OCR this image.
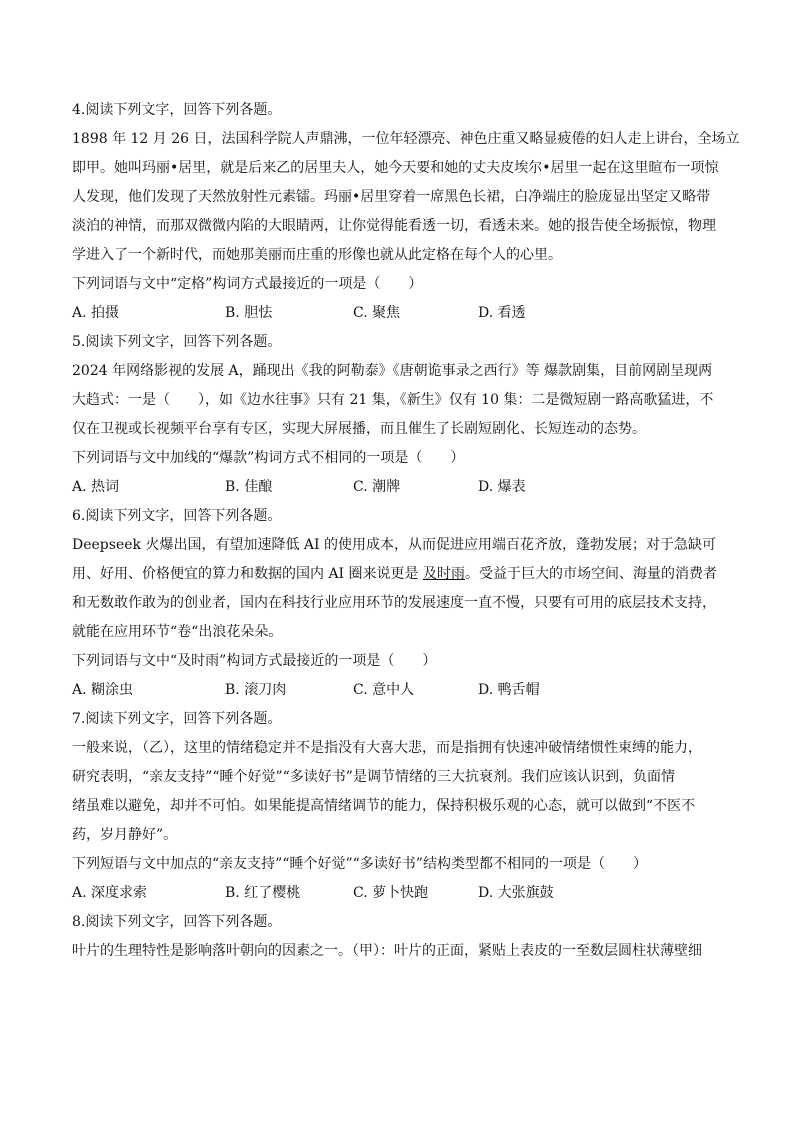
4.阅读下列文字，回答下列各题。
1898 年 12 月 26 日，法国科学院人声鼎沸，一位年轻漂亮、神色庄重又略显疲倦的妇人走上讲台，全场立
即甲。她叫玛丽•居里，就是后来乙的居里夫人，她今天要和她的丈夫皮埃尔•居里一起在这里暄布一项惊
人发现，他们发现了天然放射性元素镭。玛丽•居里穿着一席黑色长裙，白净端庄的脸庞显出坚定又略带
淡泊的神情，而那双微微内陷的大眼睛两，让你觉得能看透一切，看透未来。她的报告使全场振惊，物理
学进入了一个新时代，而她那美丽而庄重的形像也就从此定格在每个人的心里。
下列词语与文中“定格”构词方式最接近的一项是（　　）
A. 拍摄	B. 胆怯	C. 聚焦	D. 看透
5.阅读下列文字，回答下列各题。
2024 年网络影视的发展 A，踊现出《我的阿勒泰》《唐朝诡事录之西行》等 爆款剧集，目前网剧呈现两
大趋式：一是（　　），如《边水往事》只有 21 集，《新生》仅有 10 集：二是微短剧一路高歌猛进，不
仅在卫视或长视频平台享有专区，实现大屏展播，而且催生了长剧短剧化、长短连动的态势。
下列词语与文中加线的“爆款”构词方式不相同的一项是（　　）
A. 热词	B. 佳酿	C. 潮牌	D. 爆表
6.阅读下列文字，回答下列各题。
Deepseek 火爆出国，有望加速降低 AI 的使用成本，从而促进应用端百花齐放，蓬勃发展；对于急缺可
用、好用、价格便宜的算力和数据的国内 AI 圈来说更是 及时雨。受益于巨大的市场空间、海量的消费者
和无数敢作敢为的创业者，国内在科技行业应用环节的发展速度一直不慢，只要有可用的底层技术支持，
就能在应用环节“卷“出浪花朵朵。
下列词语与文中“及时雨”构词方式最接近的一项是（　　）
A. 糊涂虫	B. 滚刀肉	C. 意中人	D. 鸭舌帽
7.阅读下列文字，回答下列各题。
一般来说，（乙），这里的情绪稳定并不是指没有大喜大悲，而是指拥有快速冲破情绪惯性束缚的能力，
研究表明，“亲友支持”“睡个好觉”“多读好书”是调节情绪的三大抗衰剂。我们应该认识到，负面情
绪虽难以避免，却并不可怕。如果能提高情绪调节的能力，保持积极乐观的心态，就可以做到“不医不
药，岁月静好”。
下列短语与文中加点的“亲友支持”“睡个好觉”“多读好书”结构类型都不相同的一项是（　　）
A. 深度求索	B. 红了樱桃	C. 萝卜快跑	D. 大张旗鼓
8.阅读下列文字，回答下列各题。
叶片的生理特性是影响落叶朝向的因素之一。（甲）：叶片的正面，紧贴上表皮的一至数层圆柱状薄壁细
